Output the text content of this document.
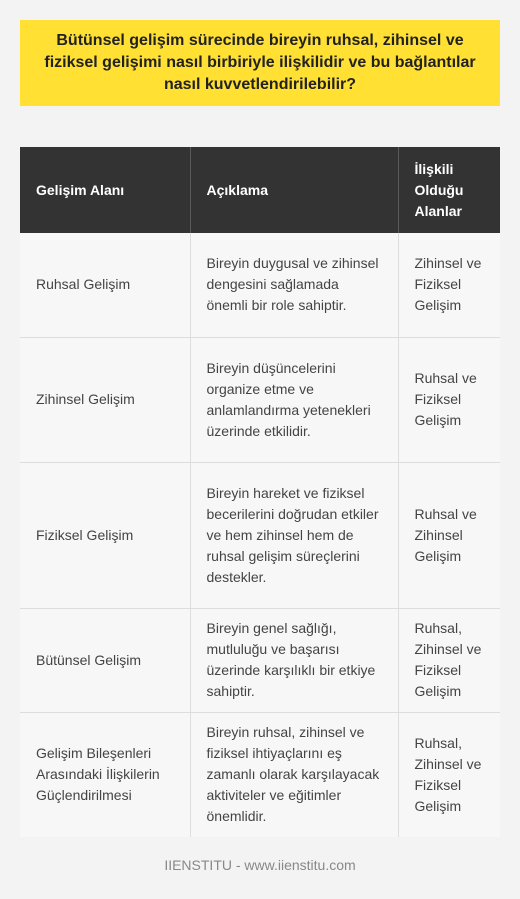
Bütünsel gelişim sürecinde bireyin ruhsal, zihinsel ve fiziksel gelişimi nasıl birbiriyle ilişkilidir ve bu bağlantılar nasıl kuvvetlendirilebilir?
Gelişim Alanı	Açıklama	İlişkili Olduğu Alanlar
Ruhsal Gelişim	Bireyin duygusal ve zihinsel dengesini sağlamada önemli bir role sahiptir.	Zihinsel ve Fiziksel Gelişim
Zihinsel Gelişim	Bireyin düşüncelerini organize etme ve anlamlandırma yetenekleri üzerinde etkilidir.	Ruhsal ve Fiziksel Gelişim
Fiziksel Gelişim	Bireyin hareket ve fiziksel becerilerini doğrudan etkiler ve hem zihinsel hem de ruhsal gelişim süreçlerini destekler.	Ruhsal ve Zihinsel Gelişim
Bütünsel Gelişim	Bireyin genel sağlığı, mutluluğu ve başarısı üzerinde karşılıklı bir etkiye sahiptir.	Ruhsal, Zihinsel ve Fiziksel Gelişim
Gelişim Bileşenleri Arasındaki İlişkilerin Güçlendirilmesi	Bireyin ruhsal, zihinsel ve fiziksel ihtiyaçlarını eş zamanlı olarak karşılayacak aktiviteler ve eğitimler önemlidir.	Ruhsal, Zihinsel ve Fiziksel Gelişim
IIENSTITU - www.iienstitu.com
